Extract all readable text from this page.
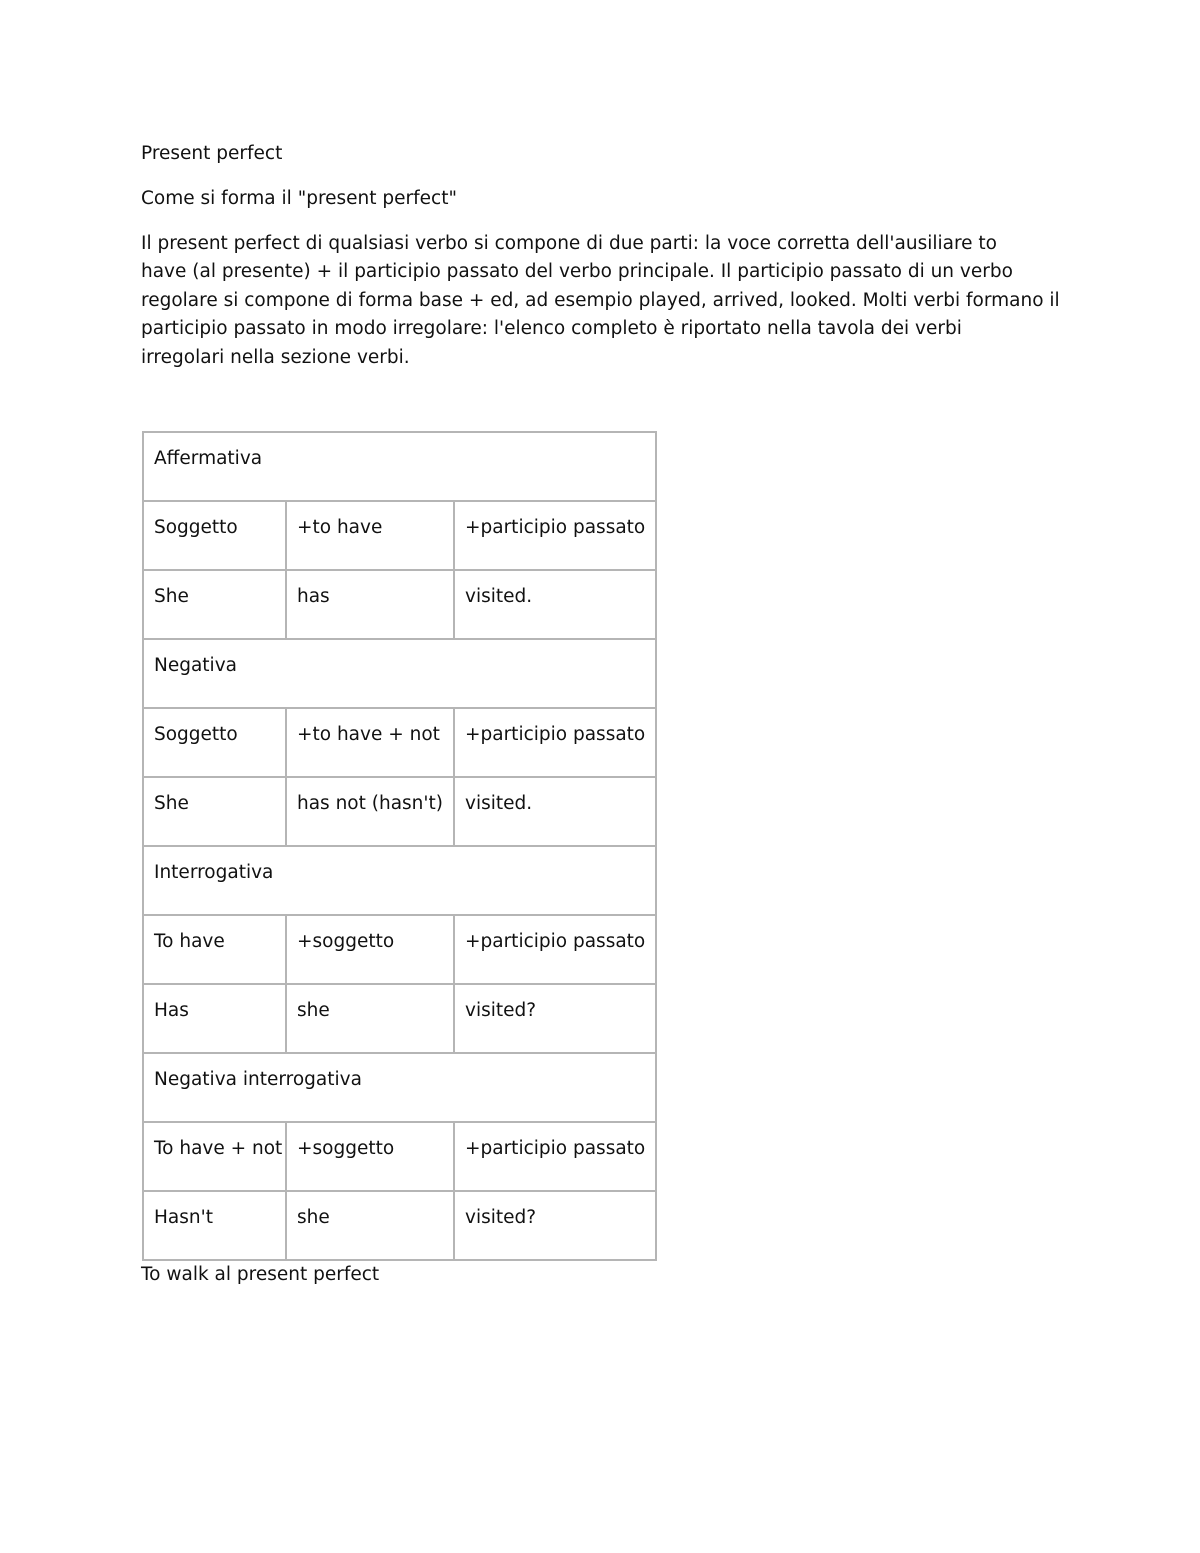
Present perfect
Come si forma il "present perfect"

Il present perfect di qualsiasi verbo si compone di due parti: la voce corretta dell'ausiliare to
have (al presente) + il participio passato del verbo principale. Il participio passato di un verbo
regolare si compone di forma base + ed, ad esempio played, arrived, looked. Molti verbi formano il
participio passato in modo irregolare: l'elenco completo è riportato nella tavola dei verbi
irregolari nella sezione verbi.

Affermativa		
Soggetto	+to have	+participio passato
She	has	visited.
Negativa		
Soggetto	+to have + not	+participio passato
She	has not (hasn't)	visited.
Interrogativa		
To have	+soggetto	+participio passato
Has	she	visited?
Negativa interrogativa		
To have + not	+soggetto	+participio passato
Hasn't	she	visited?

To walk al present perfect
